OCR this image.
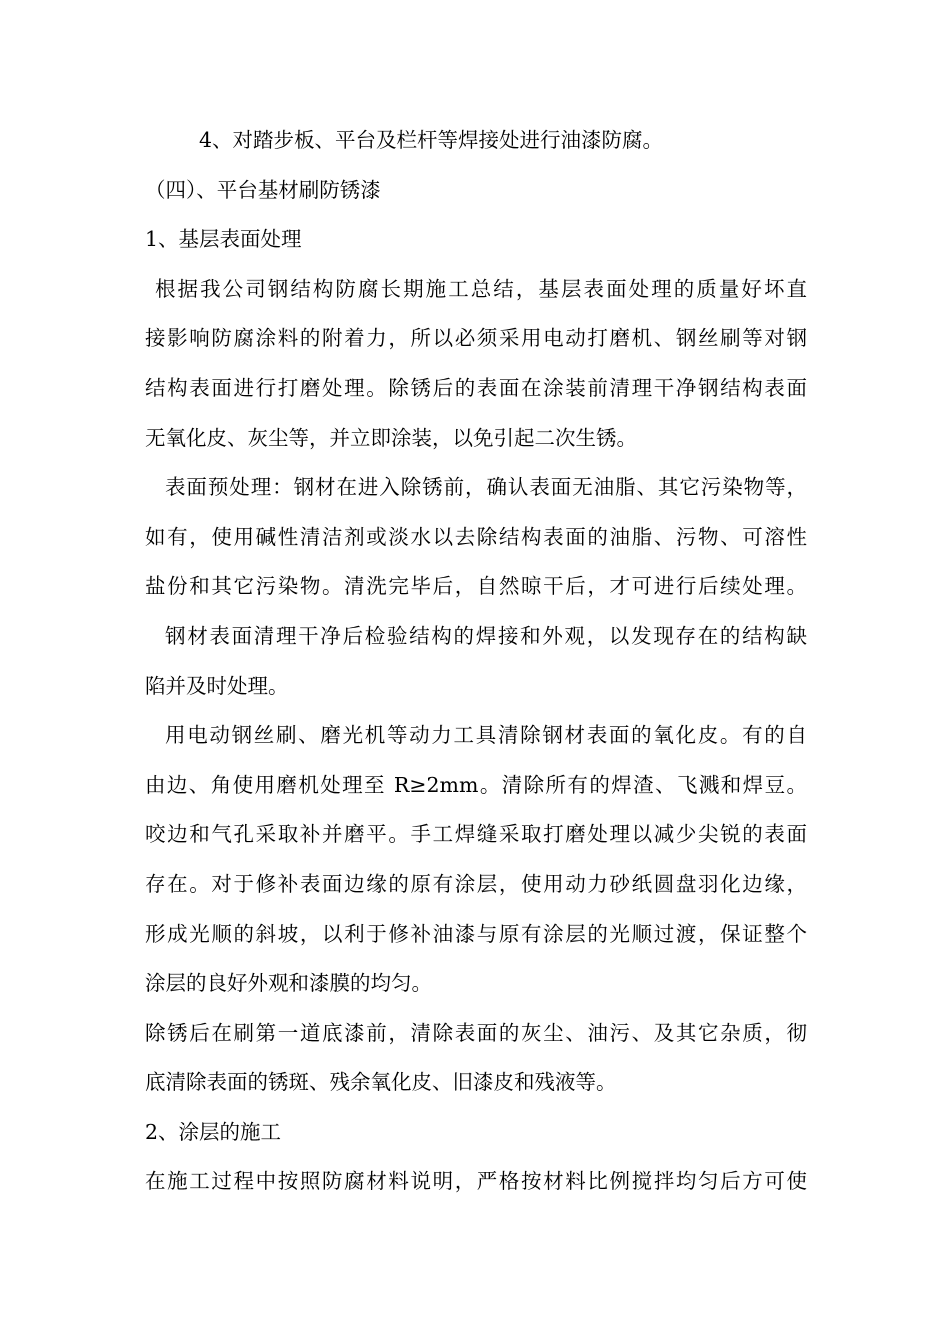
4、对踏步板、平台及栏杆等焊接处进行油漆防腐。
（四）、平台基材刷防锈漆
1、基层表面处理
根据我公司钢结构防腐长期施工总结，基层表面处理的质量好坏直
接影响防腐涂料的附着力，所以必须采用电动打磨机、钢丝刷等对钢
结构表面进行打磨处理。除锈后的表面在涂装前清理干净钢结构表面
无氧化皮、灰尘等，并立即涂装，以免引起二次生锈。
表面预处理：钢材在进入除锈前，确认表面无油脂、其它污染物等，
如有，使用碱性清洁剂或淡水以去除结构表面的油脂、污物、可溶性
盐份和其它污染物。清洗完毕后，自然晾干后，才可进行后续处理。
钢材表面清理干净后检验结构的焊接和外观，以发现存在的结构缺
陷并及时处理。
用电动钢丝刷、磨光机等动力工具清除钢材表面的氧化皮。有的自
由边、角使用磨机处理至 R≥2mm。清除所有的焊渣、飞溅和焊豆。
咬边和气孔采取补并磨平。手工焊缝采取打磨处理以减少尖锐的表面
存在。对于修补表面边缘的原有涂层，使用动力砂纸圆盘羽化边缘，
形成光顺的斜坡，以利于修补油漆与原有涂层的光顺过渡，保证整个
涂层的良好外观和漆膜的均匀。
除锈后在刷第一道底漆前，清除表面的灰尘、油污、及其它杂质，彻
底清除表面的锈斑、残余氧化皮、旧漆皮和残液等。
2、涂层的施工
在施工过程中按照防腐材料说明，严格按材料比例搅拌均匀后方可使
